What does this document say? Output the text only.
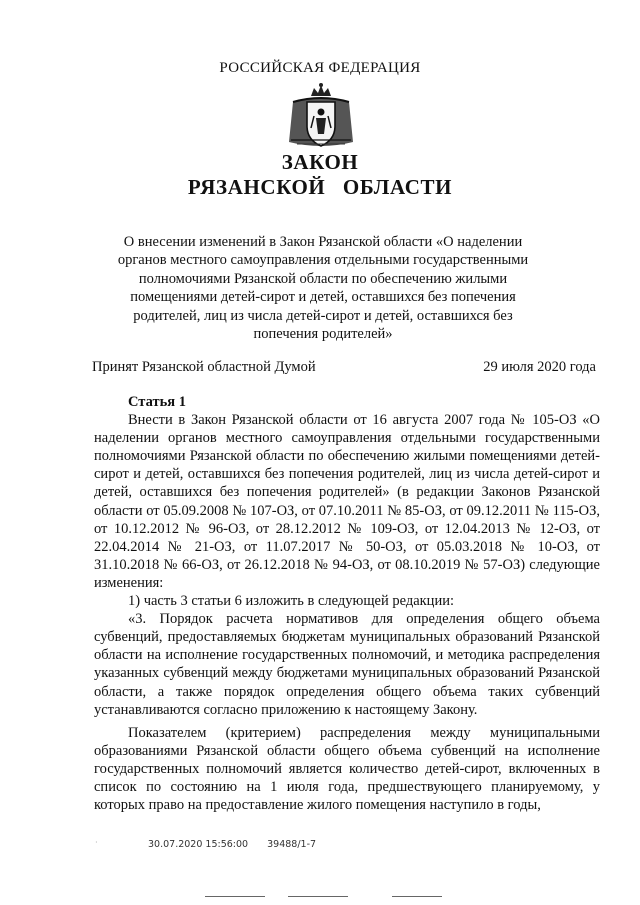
РОССИЙСКАЯ ФЕДЕРАЦИЯ
ЗАКОН
РЯЗАНСКОЙ   ОБЛАСТИ
О внесении изменений в Закон Рязанской области «О наделении органов местного самоуправления отдельными государственными полномочиями Рязанской области по обеспечению жилыми помещениями детей-сирот и детей, оставшихся без попечения родителей, лиц из числа детей-сирот и детей, оставшихся без попечения родителей»
Принят Рязанской областной Думой	29 июля 2020 года

Статья 1

Внести в Закон Рязанской области от 16 августа 2007 года № 105-ОЗ «О наделении органов местного самоуправления отдельными государственными полномочиями Рязанской области по обеспечению жилыми помещениями детей-сирот и детей, оставшихся без попечения родителей, лиц из числа детей-сирот и детей, оставшихся без попечения родителей» (в редакции Законов Рязанской области от 05.09.2008 № 107-ОЗ, от 07.10.2011 № 85-ОЗ, от 09.12.2011 № 115-ОЗ, от 10.12.2012 № 96-ОЗ, от 28.12.2012 № 109-ОЗ, от 12.04.2013 № 12-ОЗ, от 22.04.2014 № 21-ОЗ, от 11.07.2017 № 50-ОЗ, от 05.03.2018 № 10-ОЗ, от 31.10.2018 № 66-ОЗ, от 26.12.2018 № 94-ОЗ, от 08.10.2019 № 57-ОЗ) следующие изменения:

1) часть 3 статьи 6 изложить в следующей редакции:

«3. Порядок расчета нормативов для определения общего объема субвенций, предоставляемых бюджетам муниципальных образований Рязанской области на исполнение государственных полномочий, и методика распределения указанных субвенций между бюджетами муниципальных образований Рязанской области, а также порядок определения общего объема таких субвенций устанавливаются согласно приложению к настоящему Закону.

Показателем (критерием) распределения между муниципальными образованиями Рязанской области общего объема субвенций на исполнение государственных полномочий является количество детей-сирот, включенных в список по состоянию на 1 июля года, предшествующего планируемому, у которых право на предоставление жилого помещения наступило в годы,

·	30.07.2020 15:56:00 39488/1-7
